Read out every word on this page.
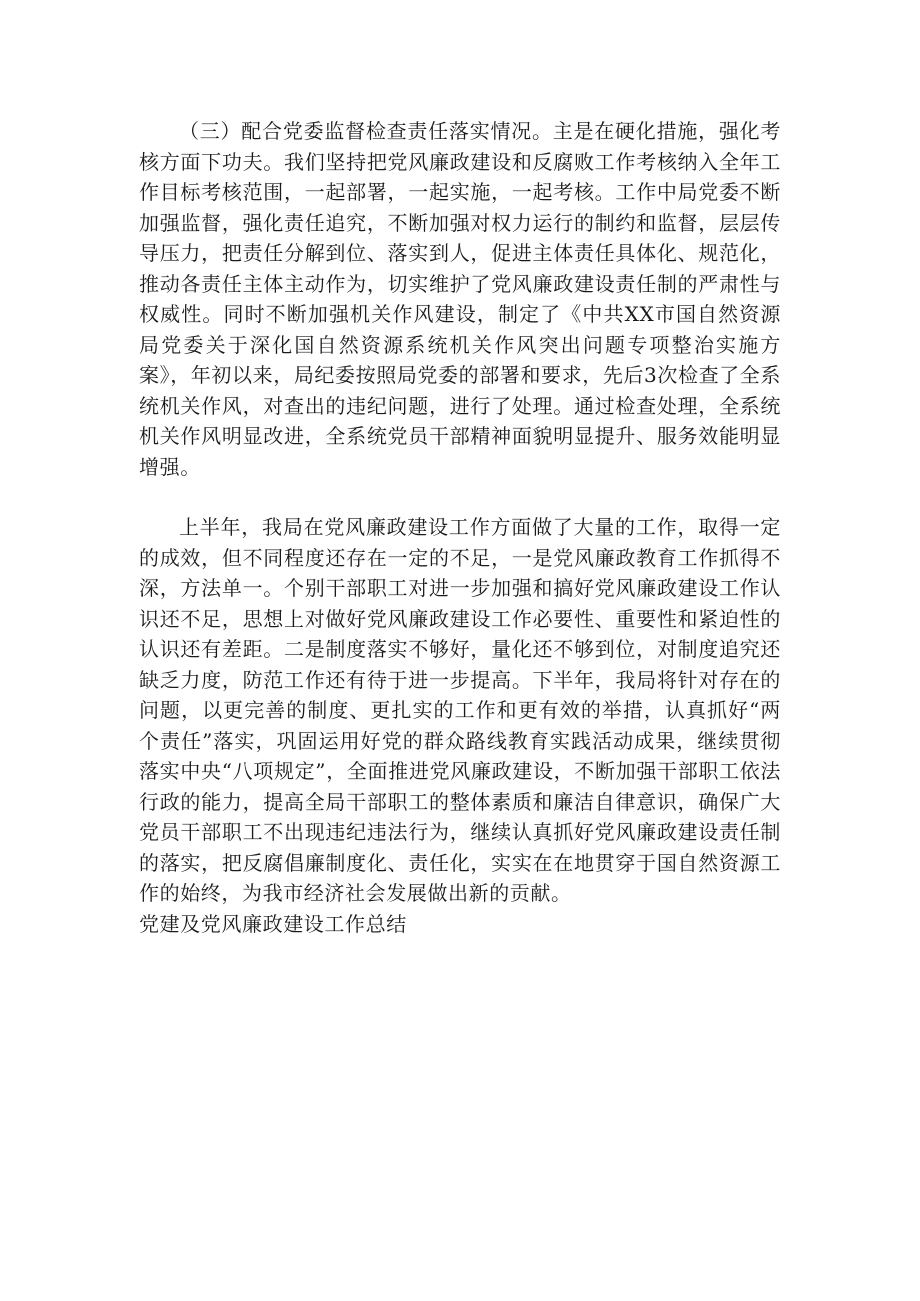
（三）配合党委监督检查责任落实情况。主是在硬化措施，强化考核方面下功夫。我们坚持把党风廉政建设和反腐败工作考核纳入全年工作目标考核范围，一起部署，一起实施，一起考核。工作中局党委不断加强监督，强化责任追究，不断加强对权力运行的制约和监督，层层传导压力，把责任分解到位、落实到人，促进主体责任具体化、规范化，推动各责任主体主动作为，切实维护了党风廉政建设责任制的严肃性与权威性。同时不断加强机关作风建设，制定了《中共XX市国自然资源局党委关于深化国自然资源系统机关作风突出问题专项整治实施方案》，年初以来，局纪委按照局党委的部署和要求，先后3次检查了全系统机关作风，对查出的违纪问题，进行了处理。通过检查处理，全系统机关作风明显改进，全系统党员干部精神面貌明显提升、服务效能明显增强。

上半年，我局在党风廉政建设工作方面做了大量的工作，取得一定的成效，但不同程度还存在一定的不足，一是党风廉政教育工作抓得不深，方法单一。个别干部职工对进一步加强和搞好党风廉政建设工作认识还不足，思想上对做好党风廉政建设工作必要性、重要性和紧迫性的认识还有差距。二是制度落实不够好，量化还不够到位，对制度追究还缺乏力度，防范工作还有待于进一步提高。下半年，我局将针对存在的问题，以更完善的制度、更扎实的工作和更有效的举措，认真抓好“两个责任”落实，巩固运用好党的群众路线教育实践活动成果，继续贯彻落实中央“八项规定”，全面推进党风廉政建设，不断加强干部职工依法行政的能力，提高全局干部职工的整体素质和廉洁自律意识，确保广大党员干部职工不出现违纪违法行为，继续认真抓好党风廉政建设责任制的落实，把反腐倡廉制度化、责任化，实实在在地贯穿于国自然资源工作的始终，为我市经济社会发展做出新的贡献。

党建及党风廉政建设工作总结
